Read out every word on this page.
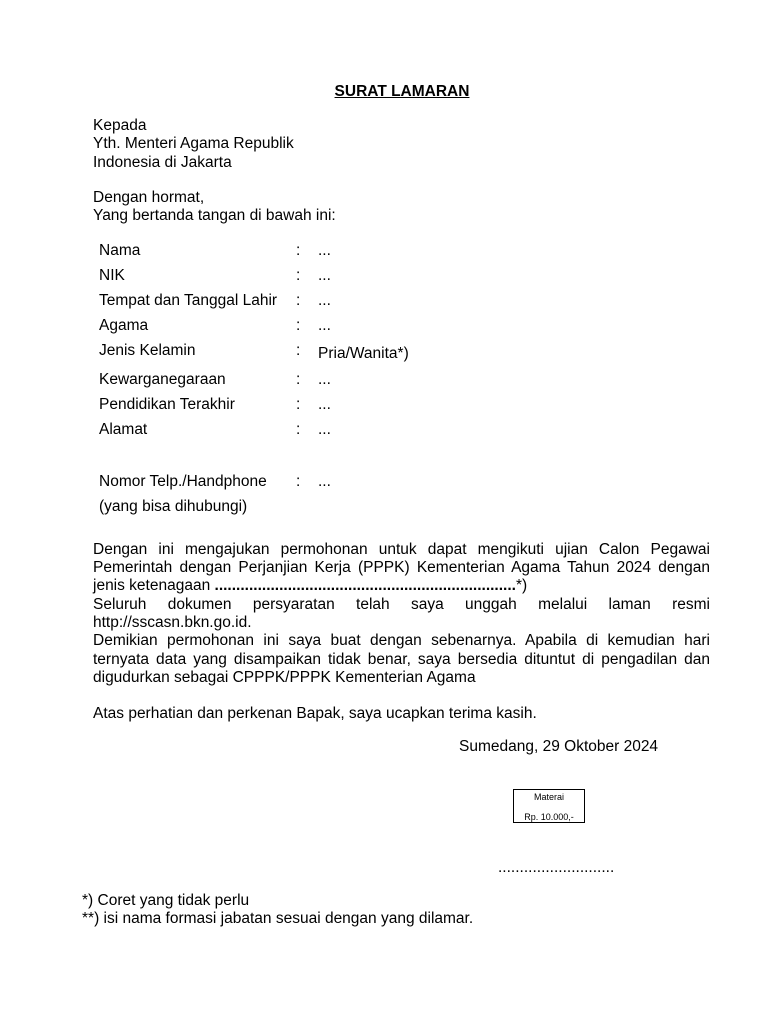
SURAT LAMARAN
Kepada
Yth. Menteri Agama Republik
Indonesia di Jakarta
Dengan hormat,
Yang bertanda tangan di bawah ini:
Nama	: ...
NIK	: ...
Tempat dan Tanggal Lahir : ...
Agama	: ...
Jenis Kelamin	: Pria/Wanita*)
Kewarganegaraan	: ...
Pendidikan Terakhir	: ...
Alamat	: ...
Nomor Telp./Handphone : ...
(yang bisa dihubungi)
Dengan ini mengajukan permohonan untuk dapat mengikuti ujian Calon Pegawai
Pemerintah dengan Perjanjian Kerja (PPPK) Kementerian Agama Tahun 2024 dengan
jenis ketenagaan ......................................................................*)
Seluruh dokumen persyaratan telah saya unggah melalui laman resmi
http://sscasn.bkn.go.id.
Demikian permohonan ini saya buat dengan sebenarnya. Apabila di kemudian hari
ternyata data yang disampaikan tidak benar, saya bersedia dituntut di pengadilan dan
digudurkan sebagai CPPPK/PPPK Kementerian Agama
Atas perhatian dan perkenan Bapak, saya ucapkan terima kasih.
Sumedang, 29 Oktober 2024
Materai
Rp. 10.000,-
...........................
*) Coret yang tidak perlu
**) isi nama formasi jabatan sesuai dengan yang dilamar.
